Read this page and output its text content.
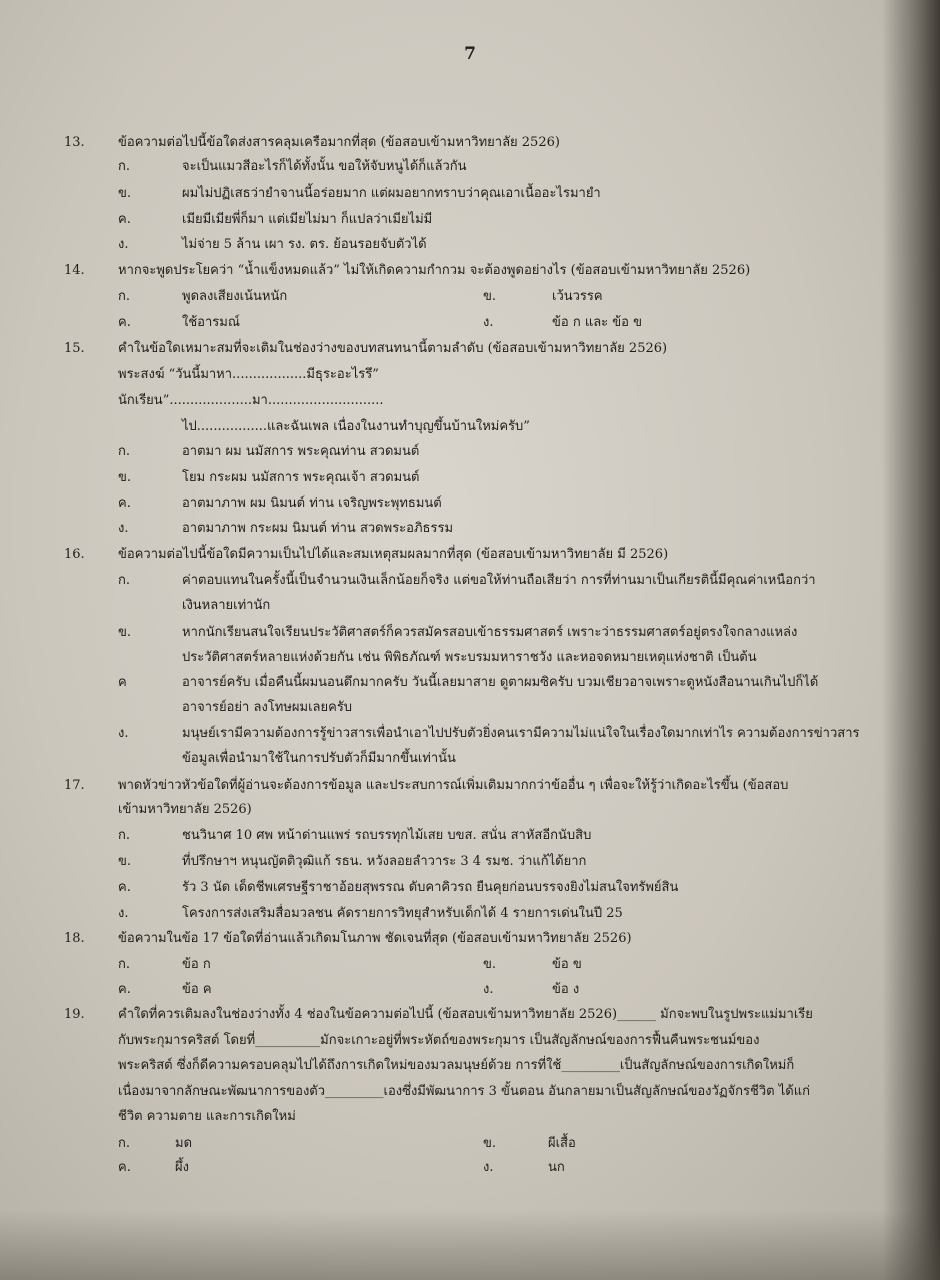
7
13.	ข้อความต่อไปนี้ข้อใดส่งสารคลุมเครือมากที่สุด (ข้อสอบเข้ามหาวิทยาลัย 2526)
ก.	จะเป็นแมวสีอะไรก็ได้ทั้งนั้น ขอให้จับหนูได้ก็แล้วกัน
ข.	ผมไม่ปฏิเสธว่ายำจานนี้อร่อยมาก แต่ผมอยากทราบว่าคุณเอาเนื้ออะไรมายำ
ค.	เมียมีเมียพี่ก็มา แต่เมียไม่มา ก็แปลว่าเมียไม่มี
ง.	ไม่จ่าย 5 ล้าน เผา รง. ตร. ย้อนรอยจับตัวได้
14.	หากจะพูดประโยคว่า “น้ำแข็งหมดแล้ว” ไม่ให้เกิดความกำกวม จะต้องพูดอย่างไร (ข้อสอบเข้ามหาวิทยาลัย 2526)
ก.	พูดลงเสียงเน้นหนัก	ข.	เว้นวรรค
ค.	ใช้อารมณ์	ง.	ข้อ ก และ ข้อ ข
15.	คำในข้อใดเหมาะสมที่จะเติมในช่องว่างของบทสนทนานี้ตามลำดับ (ข้อสอบเข้ามหาวิทยาลัย 2526)
พระสงฆ์ “วันนี้มาหา..................มีธุระอะไรรึ”
นักเรียน”....................มา............................
ไป.................และฉันเพล เนื่องในงานทำบุญขึ้นบ้านใหม่ครับ”
ก.	อาตมา ผม นมัสการ พระคุณท่าน สวดมนต์
ข.	โยม กระผม นมัสการ พระคุณเจ้า สวดมนต์
ค.	อาตมาภาพ ผม นิมนต์ ท่าน เจริญพระพุทธมนต์
ง.	อาตมาภาพ กระผม นิมนต์ ท่าน สวดพระอภิธรรม
16.	ข้อความต่อไปนี้ข้อใดมีความเป็นไปได้และสมเหตุสมผลมากที่สุด (ข้อสอบเข้ามหาวิทยาลัย มี 2526)
ก.	ค่าตอบแทนในครั้งนี้เป็นจำนวนเงินเล็กน้อยก็จริง แต่ขอให้ท่านถือเสียว่า การที่ท่านมาเป็นเกียรตินี้มีคุณค่าเหนือกว่า
เงินหลายเท่านัก
ข.	หากนักเรียนสนใจเรียนประวัติศาสตร์ก็ควรสมัครสอบเข้าธรรมศาสตร์ เพราะว่าธรรมศาสตร์อยู่ตรงใจกลางแหล่ง
ประวัติศาสตร์หลายแห่งด้วยกัน เช่น พิพิธภัณฑ์ พระบรมมหาราชวัง และหอจดหมายเหตุแห่งชาติ เป็นต้น
ค	อาจารย์ครับ เมื่อคืนนี้ผมนอนดึกมากครับ วันนี้เลยมาสาย ดูตาผมซิครับ บวมเชียวอาจเพราะดูหนังสือนานเกินไปก็ได้
อาจารย์อย่า ลงโทษผมเลยครับ
ง.	มนุษย์เรามีความต้องการรู้ข่าวสารเพื่อนำเอาไปปรับตัวยิ่งคนเรามีความไม่แน่ใจในเรื่องใดมากเท่าไร ความต้องการข่าวสาร
ข้อมูลเพื่อนำมาใช้ในการปรับตัวก็มีมากขึ้นเท่านั้น
17.	พาดหัวข่าวหัวข้อใดที่ผู้อ่านจะต้องการข้อมูล และประสบการณ์เพิ่มเติมมากกว่าข้ออื่น ๆ เพื่อจะให้รู้ว่าเกิดอะไรขึ้น (ข้อสอบ
เข้ามหาวิทยาลัย 2526)
ก.	ชนวินาศ 10 ศพ หน้าด่านแพร่ รถบรรทุกไม้เสย บขส. สนั่น สาหัสอีกนับสิบ
ข.	ที่ปรึกษาฯ หนุนญัตติวุฒิแก้ รธน. หวังลอยลำวาระ 3 4 รมช. ว่าแก้ได้ยาก
ค.	รัว 3 นัด เด็ดชีพเศรษฐีราชาอ้อยสุพรรณ ดับคาคิวรถ ยืนคุยก่อนบรรจงยิงไม่สนใจทรัพย์สิน
ง.	โครงการส่งเสริมสื่อมวลชน คัดรายการวิทยุสำหรับเด็กได้ 4 รายการเด่นในปี 25
18.	ข้อความในข้อ 17 ข้อใดที่อ่านแล้วเกิดมโนภาพ ชัดเจนที่สุด (ข้อสอบเข้ามหาวิทยาลัย 2526)
ก.	ข้อ ก	ข.	ข้อ ข
ค.	ข้อ ค	ง.	ข้อ ง
19.	คำใดที่ควรเติมลงในช่องว่างทั้ง 4 ช่องในข้อความต่อไปนี้ (ข้อสอบเข้ามหาวิทยาลัย 2526)______ มักจะพบในรูปพระแม่มาเรีย
กับพระกุมารคริสต์ โดยที่__________มักจะเกาะอยู่ที่พระหัตถ์ของพระกุมาร เป็นสัญลักษณ์ของการฟื้นคืนพระชนม์ของ
พระคริสต์ ซึ่งก็ดีความครอบคลุมไปได้ถึงการเกิดใหม่ของมวลมนุษย์ด้วย การที่ใช้_________เป็นสัญลักษณ์ของการเกิดใหม่ก็
เนื่องมาจากลักษณะพัฒนาการของตัว_________เองซึ่งมีพัฒนาการ 3 ขั้นตอน อันกลายมาเป็นสัญลักษณ์ของวัฏจักรชีวิต ได้แก่
ชีวิต ความตาย และการเกิดใหม่
ก.	มด	ข.	ผีเสื้อ
ค.	ผึ้ง	ง.	นก
